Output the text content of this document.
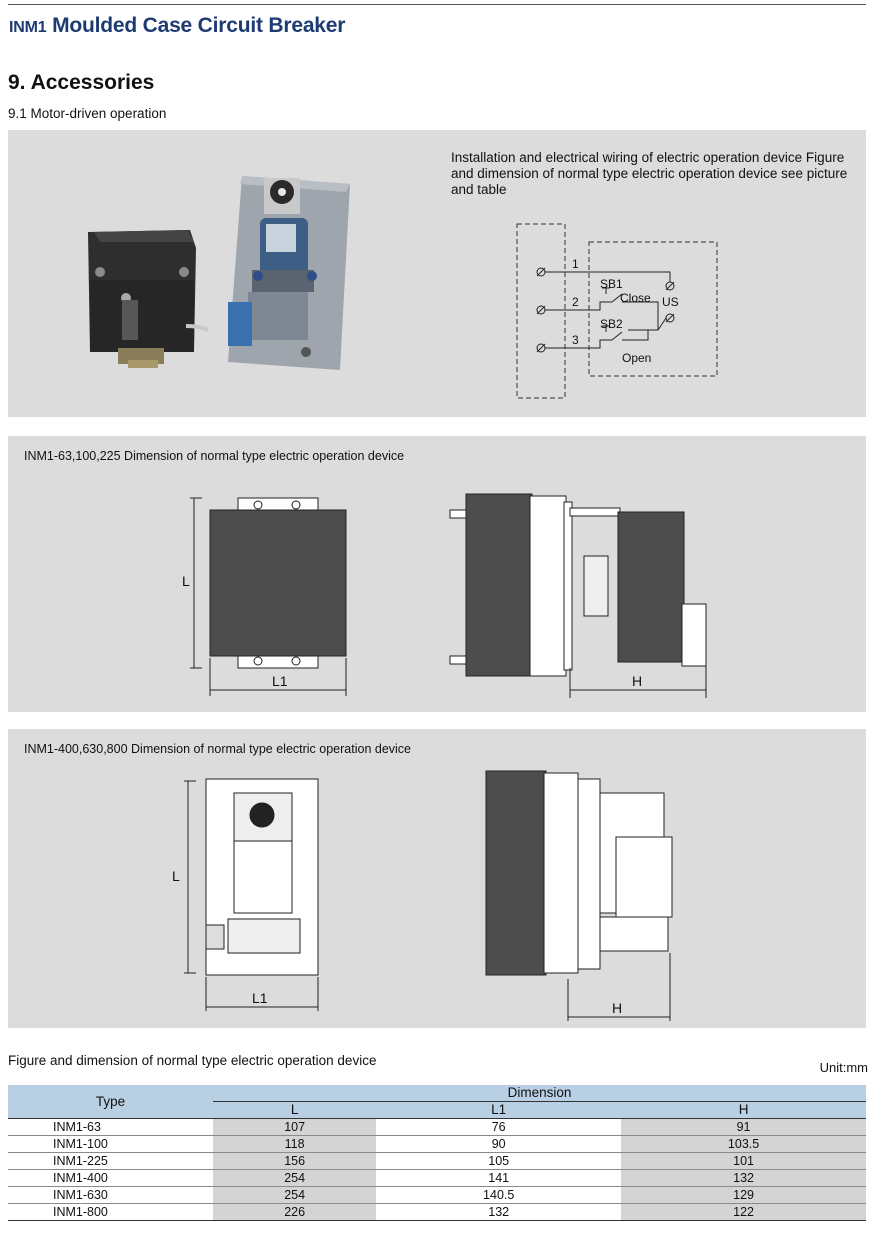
INM1 Moulded Case Circuit Breaker
9. Accessories
9.1 Motor-driven operation
Installation and electrical wiring of electric operation device Figure and dimension of normal type electric operation device see picture and table
1
2
3
SB1
Close
SB2
Open
US
INM1-63,100,225 Dimension of normal type electric operation device
L
L1	H
INM1-400,630,800 Dimension of normal type electric operation device
L
L1
H
Figure and dimension of normal type electric operation device	Unit:mm
Type	Dimension		
	L	L1	H
INM1-63	107	76	91
INM1-100	118	90	103.5
INM1-225	156	105	101
INM1-400	254	141	132
INM1-630	254	140.5	129
INM1-800	226	132	122
